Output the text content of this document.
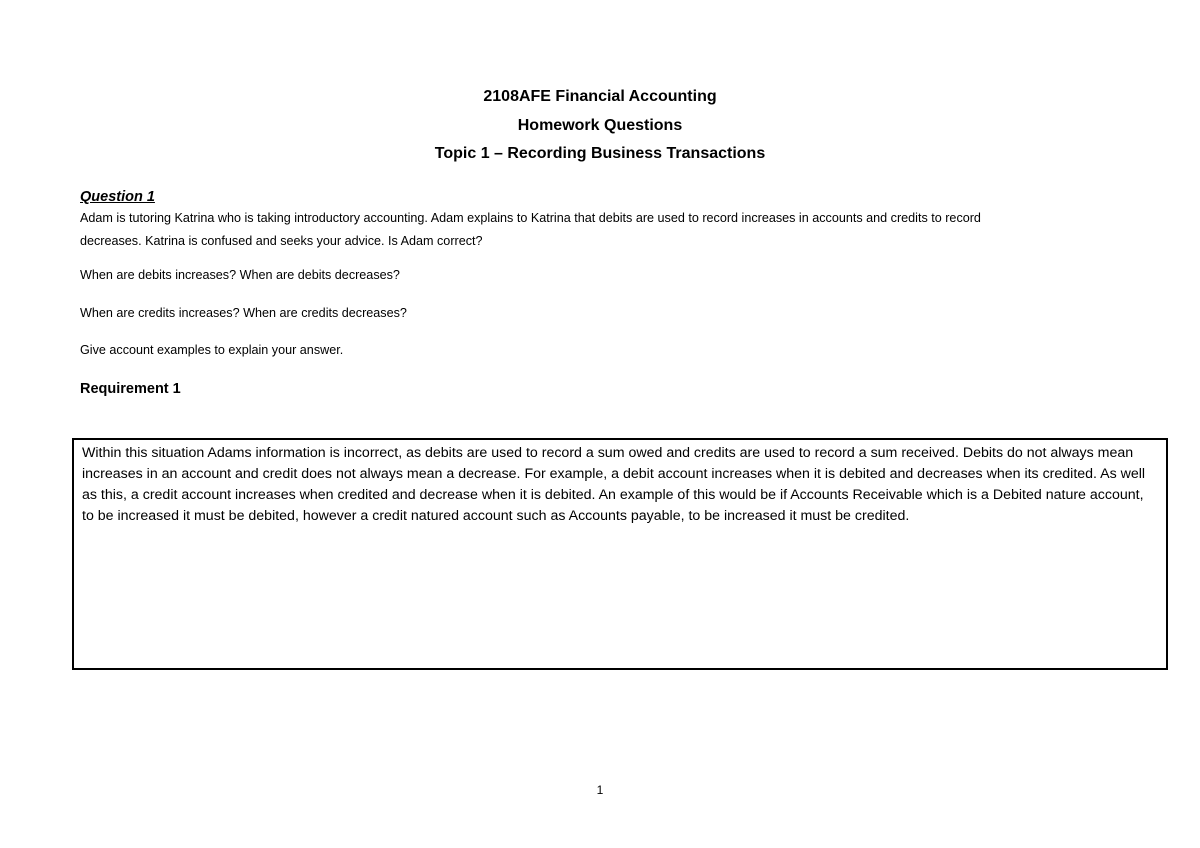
2108AFE Financial Accounting
Homework Questions
Topic 1 – Recording Business Transactions
Question 1

Adam is tutoring Katrina who is taking introductory accounting. Adam explains to Katrina that debits are used to record increases in accounts and credits to record

decreases. Katrina is confused and seeks your advice. Is Adam correct?

When are debits increases? When are debits decreases?

When are credits increases? When are credits decreases?

Give account examples to explain your answer.

Requirement 1
Within this situation Adams information is incorrect, as debits are used to record a sum owed and credits are used to record a sum received. Debits do not always mean increases in an account and credit does not always mean a decrease. For example, a debit account increases when it is debited and decreases when its credited. As well as this, a credit account increases when credited and decrease when it is debited. An example of this would be if Accounts Receivable which is a Debited nature account, to be increased it must be debited, however a credit natured account such as Accounts payable, to be increased it must be credited.
1
